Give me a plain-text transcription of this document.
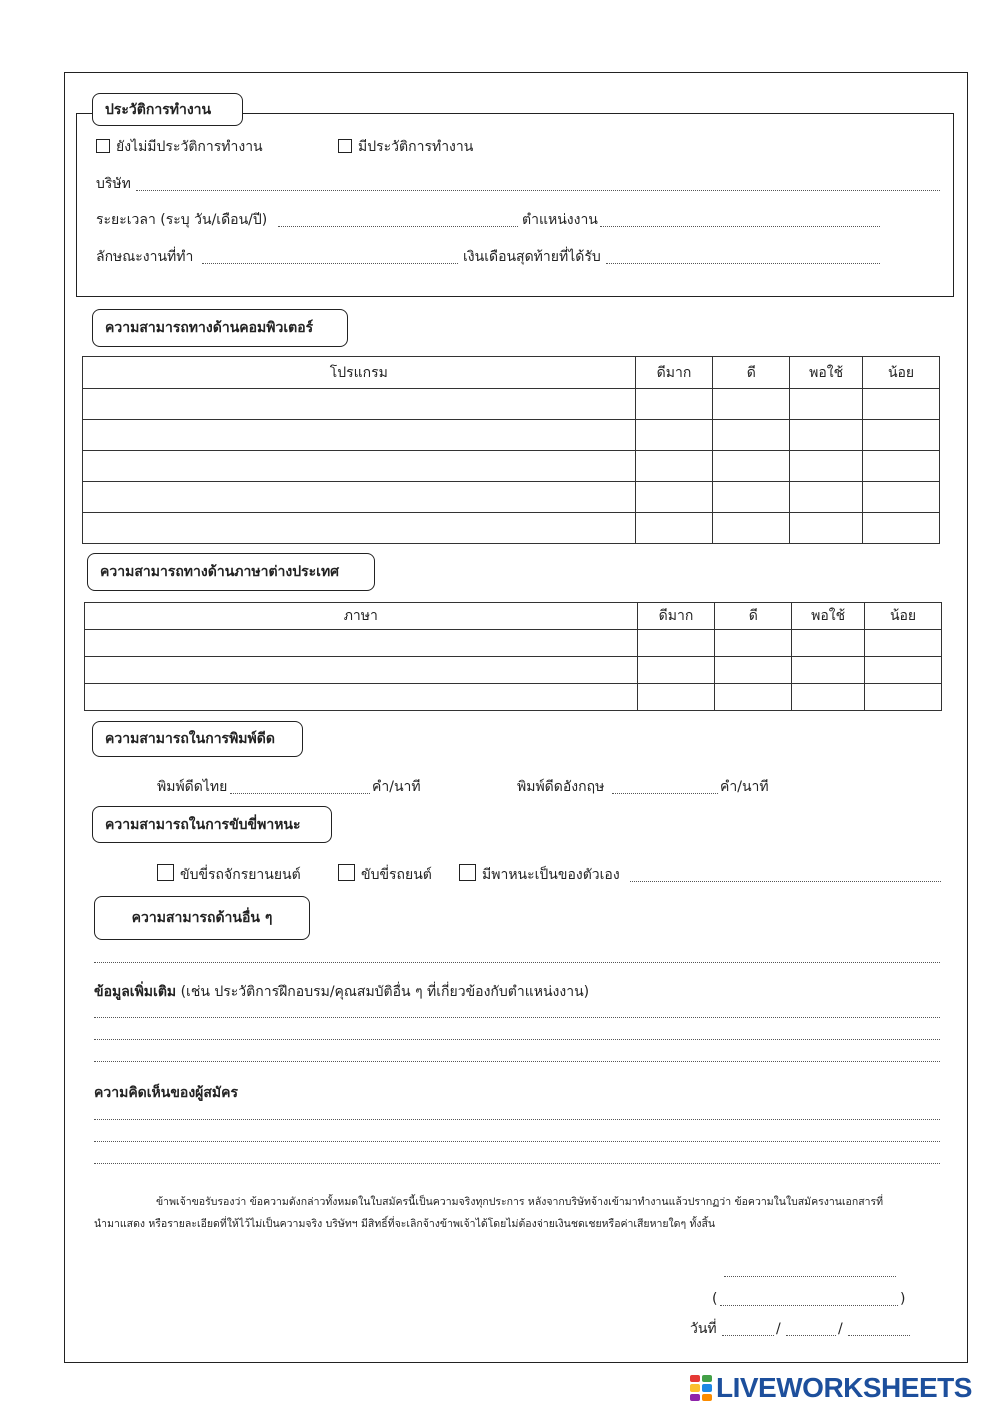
ประวัติการทำงาน
ยังไม่มีประวัติการทำงาน	มีประวัติการทำงาน
บริษัท
ระยะเวลา (ระบุ วัน/เดือน/ปี)	ตำแหน่งงาน
ลักษณะงานที่ทำ	เงินเดือนสุดท้ายที่ได้รับ
ความสามารถทางด้านคอมพิวเตอร์
โปรแกรม	ดีมาก	ดี	พอใช้	น้อย

ความสามารถทางด้านภาษาต่างประเทศ
ภาษา	ดีมาก	ดี	พอใช้	น้อย

ความสามารถในการพิมพ์ดีด
พิมพ์ดีดไทย	คำ/นาที	พิมพ์ดีดอังกฤษ	คำ/นาที
ความสามารถในการขับขี่พาหนะ
ขับขี่รถจักรยานยนต์	ขับขี่รถยนต์	มีพาหนะเป็นของตัวเอง
ความสามารถด้านอื่น ๆ
ข้อมูลเพิ่มเติม (เช่น ประวัติการฝึกอบรม/คุณสมบัติอื่น ๆ ที่เกี่ยวข้องกับตำแหน่งงาน)
ความคิดเห็นของผู้สมัคร
ข้าพเจ้าขอรับรองว่า ข้อความดังกล่าวทั้งหมดในใบสมัครนี้เป็นความจริงทุกประการ หลังจากบริษัทจ้างเข้ามาทำงานแล้วปรากฏว่า ข้อความในใบสมัครงานเอกสารที่
นำมาแสดง หรือรายละเอียดที่ให้ไว้ไม่เป็นความจริง บริษัทฯ มีสิทธิ์ที่จะเลิกจ้างข้าพเจ้าได้โดยไม่ต้องจ่ายเงินชดเชยหรือค่าเสียหายใดๆ ทั้งสิ้น
(	)
วันที่	/	/
LIVEWORKSHEETS
